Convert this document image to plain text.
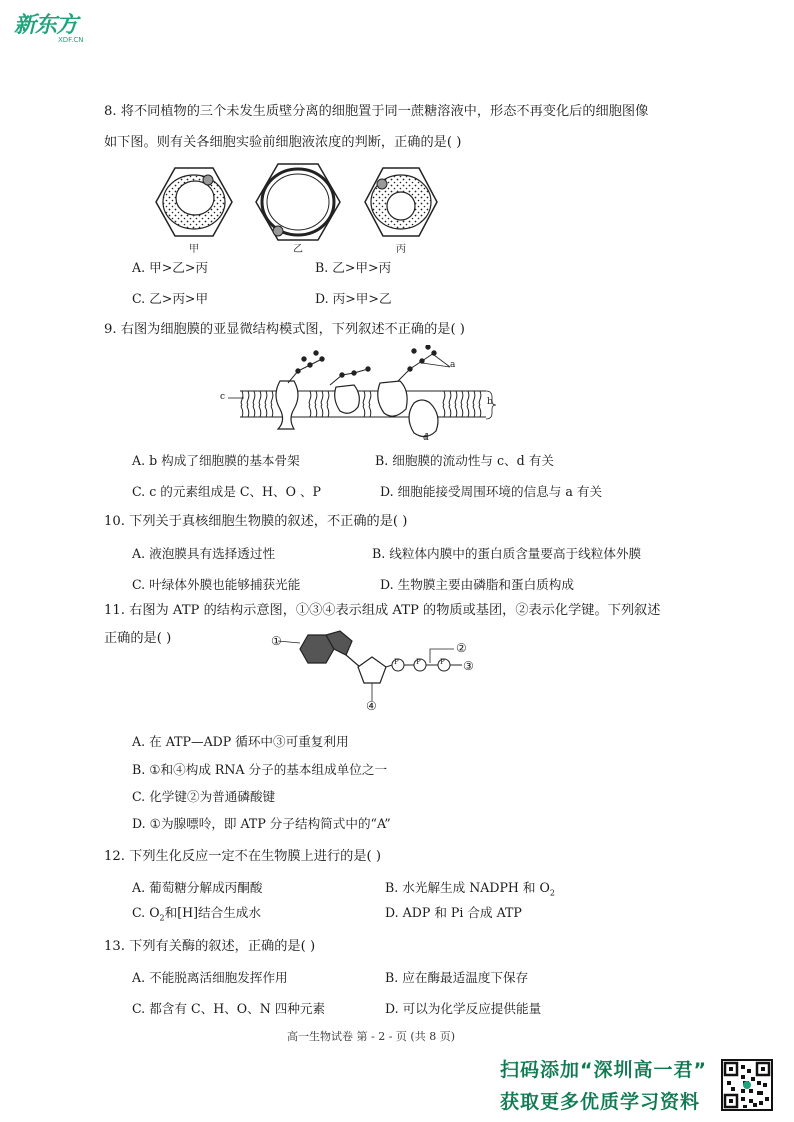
新东方
XDF.CN
8. 将不同植物的三个未发生质壁分离的细胞置于同一蔗糖溶液中，形态不再变化后的细胞图像
如下图。则有关各细胞实验前细胞液浓度的判断，正确的是( )
甲	乙	丙
A. 甲>乙>丙	B. 乙>甲>丙
C. 乙>丙>甲	D. 丙>甲>乙
9. 右图为细胞膜的亚显微结构模式图，下列叙述不正确的是( )
a
b
c
d
A. b 构成了细胞膜的基本骨架	B. 细胞膜的流动性与 c、d 有关
C. c 的元素组成是 C、H、O 、P	D. 细胞能接受周围环境的信息与 a 有关
10. 下列关于真核细胞生物膜的叙述，不正确的是( )
A. 液泡膜具有选择透过性	B. 线粒体内膜中的蛋白质含量要高于线粒体外膜
C. 叶绿体外膜也能够捕获光能	D. 生物膜主要由磷脂和蛋白质构成
11. 右图为 ATP 的结构示意图，①③④表示组成 ATP 的物质或基团，②表示化学键。下列叙述
正确的是( )	①	②
③
④
P P	P
A. 在 ATP—ADP 循环中③可重复利用
B. ①和④构成 RNA 分子的基本组成单位之一
C. 化学键②为普通磷酸键
D. ①为腺嘌呤，即 ATP 分子结构简式中的“A”
12. 下列生化反应一定不在生物膜上进行的是( )
A. 葡萄糖分解成丙酮酸	B. 水光解生成 NADPH 和 $O_2$
C. $O_2$和[H]结合生成水	D. ADP 和 Pi 合成 ATP
13. 下列有关酶的叙述，正确的是( )
A. 不能脱离活细胞发挥作用	B. 应在酶最适温度下保存
C. 都含有 C、H、O、N 四种元素	D. 可以为化学反应提供能量
高一生物试卷 第 - 2 - 页 (共 8 页)
扫码添加“深圳高一君”
获取更多优质学习资料
